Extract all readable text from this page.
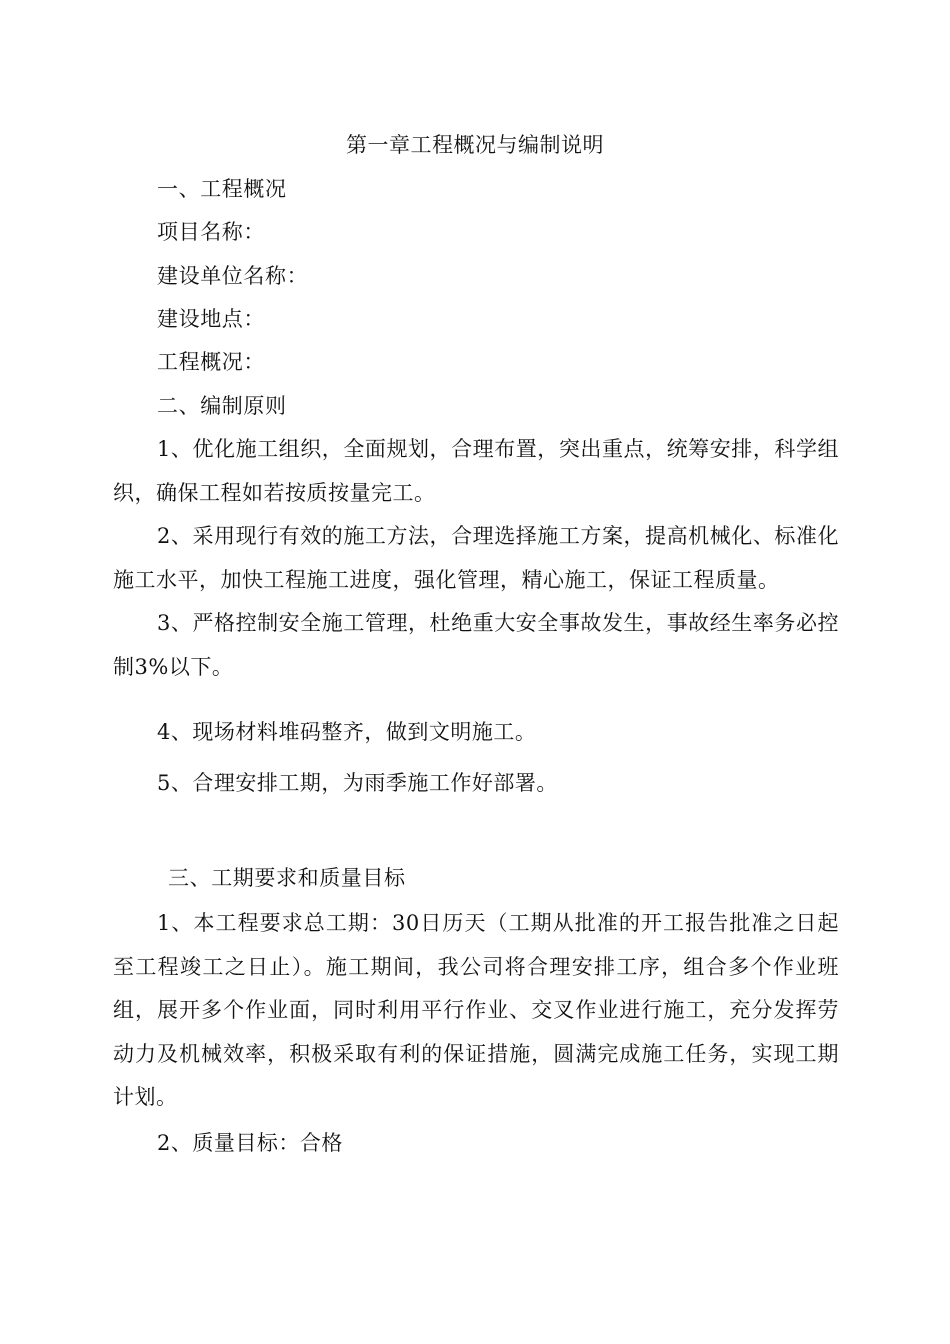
第一章工程概况与编制说明
一、工程概况
项目名称：
建设单位名称：
建设地点：
工程概况：
二、编制原则
1、优化施工组织，全面规划，合理布置，突出重点，统筹安排，科学组织，确保工程如若按质按量完工。
2、采用现行有效的施工方法，合理选择施工方案，提高机械化、标准化施工水平，加快工程施工进度，强化管理，精心施工，保证工程质量。
3、严格控制安全施工管理，杜绝重大安全事故发生，事故经生率务必控制3%以下。
4、现场材料堆码整齐，做到文明施工。
5、合理安排工期，为雨季施工作好部署。
三、工期要求和质量目标
1、本工程要求总工期：30日历天（工期从批准的开工报告批准之日起至工程竣工之日止）。施工期间，我公司将合理安排工序，组合多个作业班组，展开多个作业面，同时利用平行作业、交叉作业进行施工，充分发挥劳动力及机械效率，积极采取有利的保证措施，圆满完成施工任务，实现工期计划。
2、质量目标：合格
